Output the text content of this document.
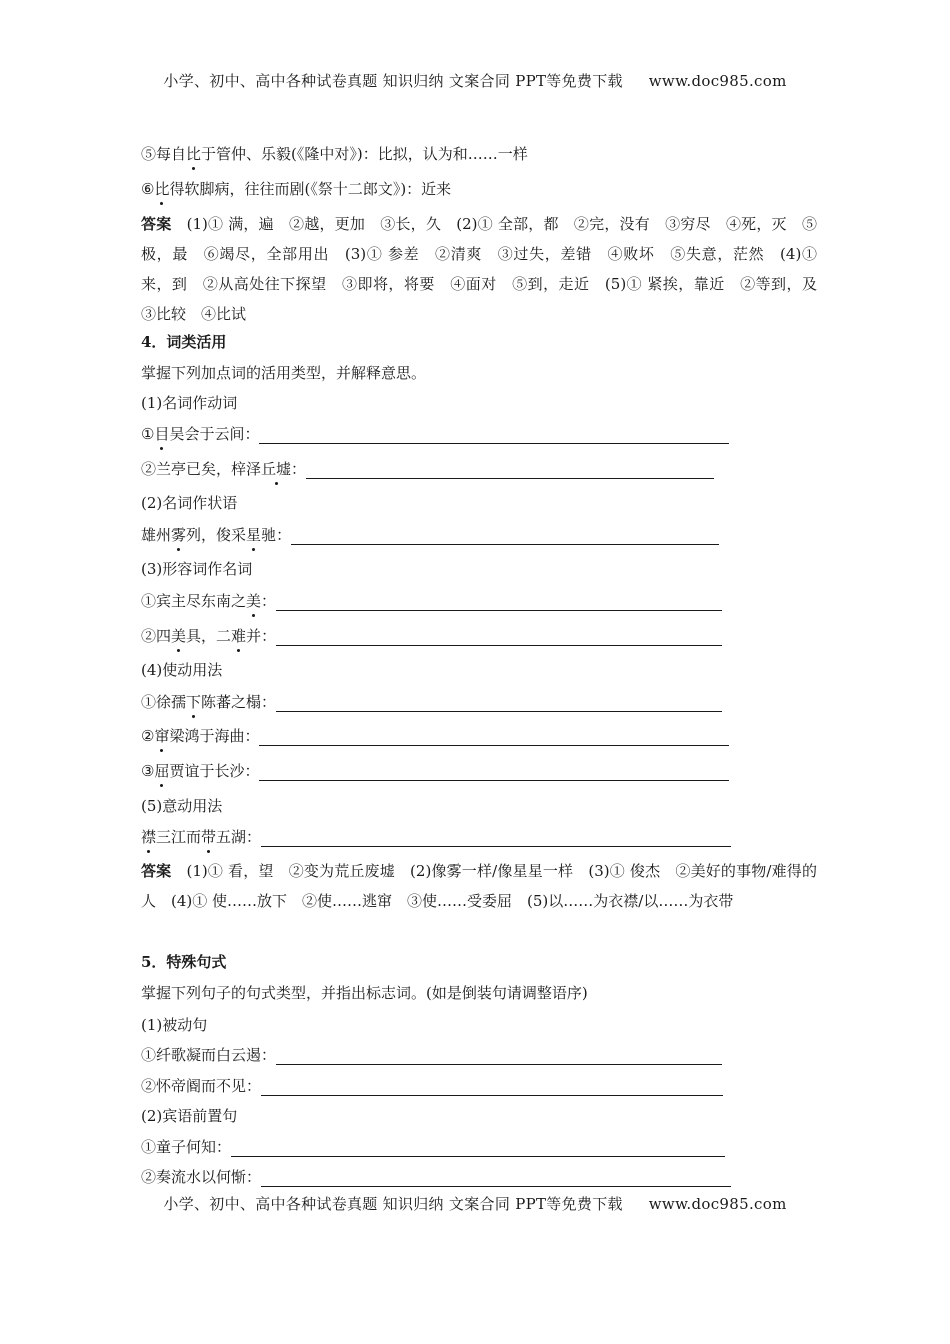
小学、初中、高中各种试卷真题 知识归纳 文案合同 PPT等免费下载 www.doc985.com
⑤每自比于管仲、乐毅(《隆中对》)：比拟，认为和……一样
⑥比得软脚病，往往而剧(《祭十二郎文》)：近来
答案　 (1)① 满，遍　②越，更加　③长，久　(2)① 全部，都　②完，没有　③穷尽　④死，灭　⑤极，最　⑥竭尽，全部用出　(3)① 参差　②清爽　③过失，差错　④败坏　⑤失意，茫然　(4)① 来，到　②从高处往下探望　③即将，将要　④面对　⑤到，走近　(5)① 紧挨，靠近　②等到，及　③比较　④比试
4．词类活用
掌握下列加点词的活用类型，并解释意思。
(1)名词作动词
①目吴会于云间：
②兰亭已矣，梓泽丘墟：
(2)名词作状语
雄州雾列，俊采星驰：
(3)形容词作名词
①宾主尽东南之美：
②四美具，二难并：
(4)使动用法
①徐孺下陈蕃之榻：
②窜梁鸿于海曲：
③屈贾谊于长沙：
(5)意动用法
襟三江而带五湖：
答案　 (1)① 看，望　②变为荒丘废墟　(2)像雾一样/像星星一样　(3)① 俊杰　②美好的事物/难得的人　(4)① 使……放下　②使……逃窜　③使……受委屈　(5)以……为衣襟/以……为衣带
5．特殊句式
掌握下列句子的句式类型，并指出标志词。(如是倒装句请调整语序)
(1)被动句
①纤歌凝而白云遏：
②怀帝阍而不见：
(2)宾语前置句
①童子何知：
②奏流水以何惭：
小学、初中、高中各种试卷真题 知识归纳 文案合同 PPT等免费下载 www.doc985.com
